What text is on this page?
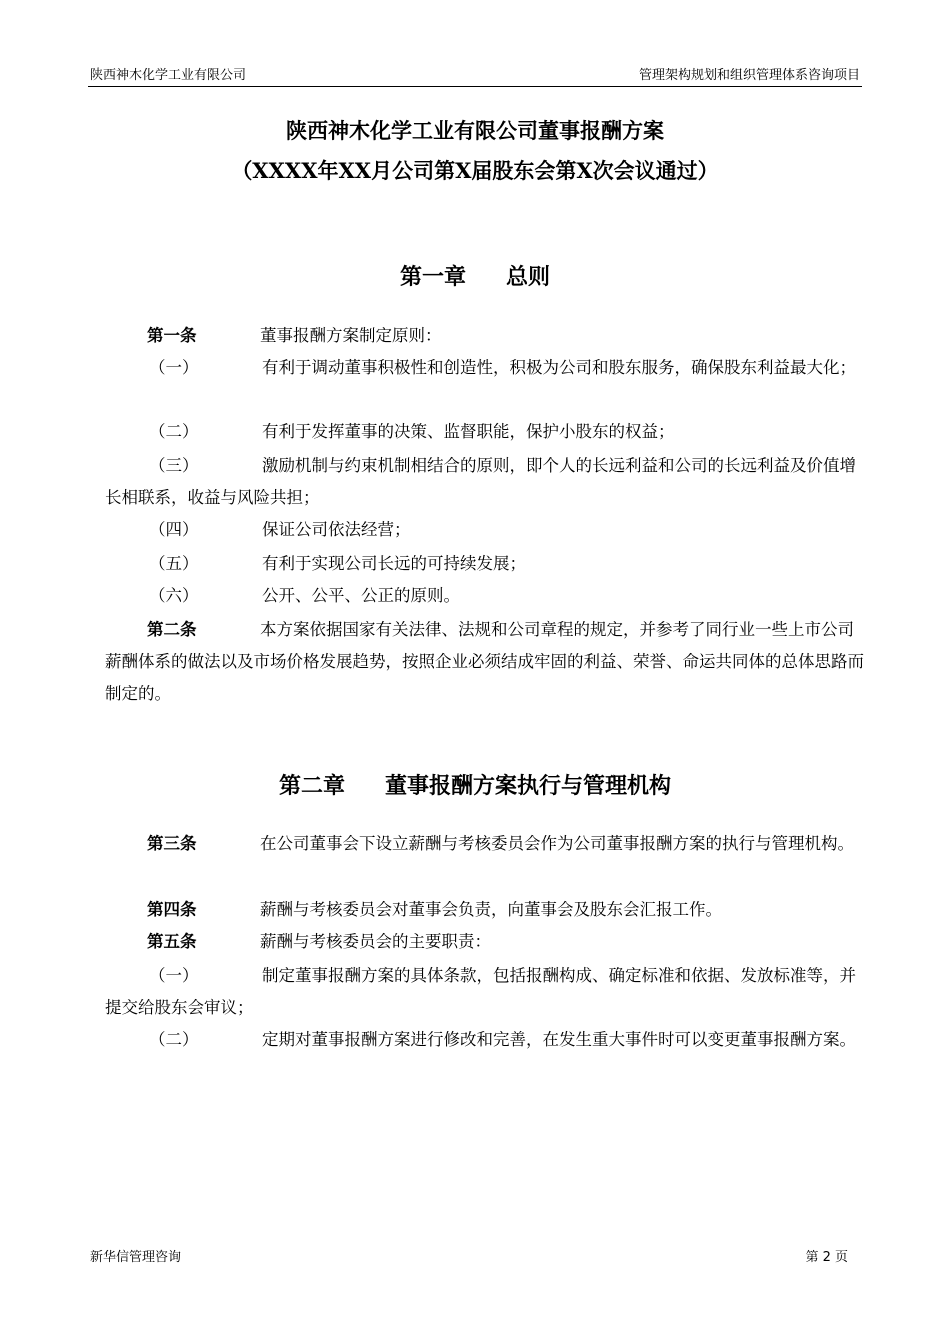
陕西神木化学工业有限公司	管理架构规划和组织管理体系咨询项目
陕西神木化学工业有限公司董事报酬方案
（XXXX年XX月公司第X届股东会第X次会议通过）
第一章 总则
第一条	董事报酬方案制定原则：
（一）	有利于调动董事积极性和创造性，积极为公司和股东服务，确保股东利益最大化；
（二）	有利于发挥董事的决策、监督职能，保护小股东的权益；
（三）	激励机制与约束机制相结合的原则，即个人的长远利益和公司的长远利益及价值增长相联系，收益与风险共担；
（四）	保证公司依法经营；
（五）	有利于实现公司长远的可持续发展；
（六）	公开、公平、公正的原则。
第二条	本方案依据国家有关法律、法规和公司章程的规定，并参考了同行业一些上市公司薪酬体系的做法以及市场价格发展趋势，按照企业必须结成牢固的利益、荣誉、命运共同体的总体思路而制定的。
第二章 董事报酬方案执行与管理机构
第三条	在公司董事会下设立薪酬与考核委员会作为公司董事报酬方案的执行与管理机构。
第四条	薪酬与考核委员会对董事会负责，向董事会及股东会汇报工作。
第五条	薪酬与考核委员会的主要职责：
（一）	制定董事报酬方案的具体条款，包括报酬构成、确定标准和依据、发放标准等，并提交给股东会审议；
（二）	定期对董事报酬方案进行修改和完善，在发生重大事件时可以变更董事报酬方案。
新华信管理咨询	第 2 页
